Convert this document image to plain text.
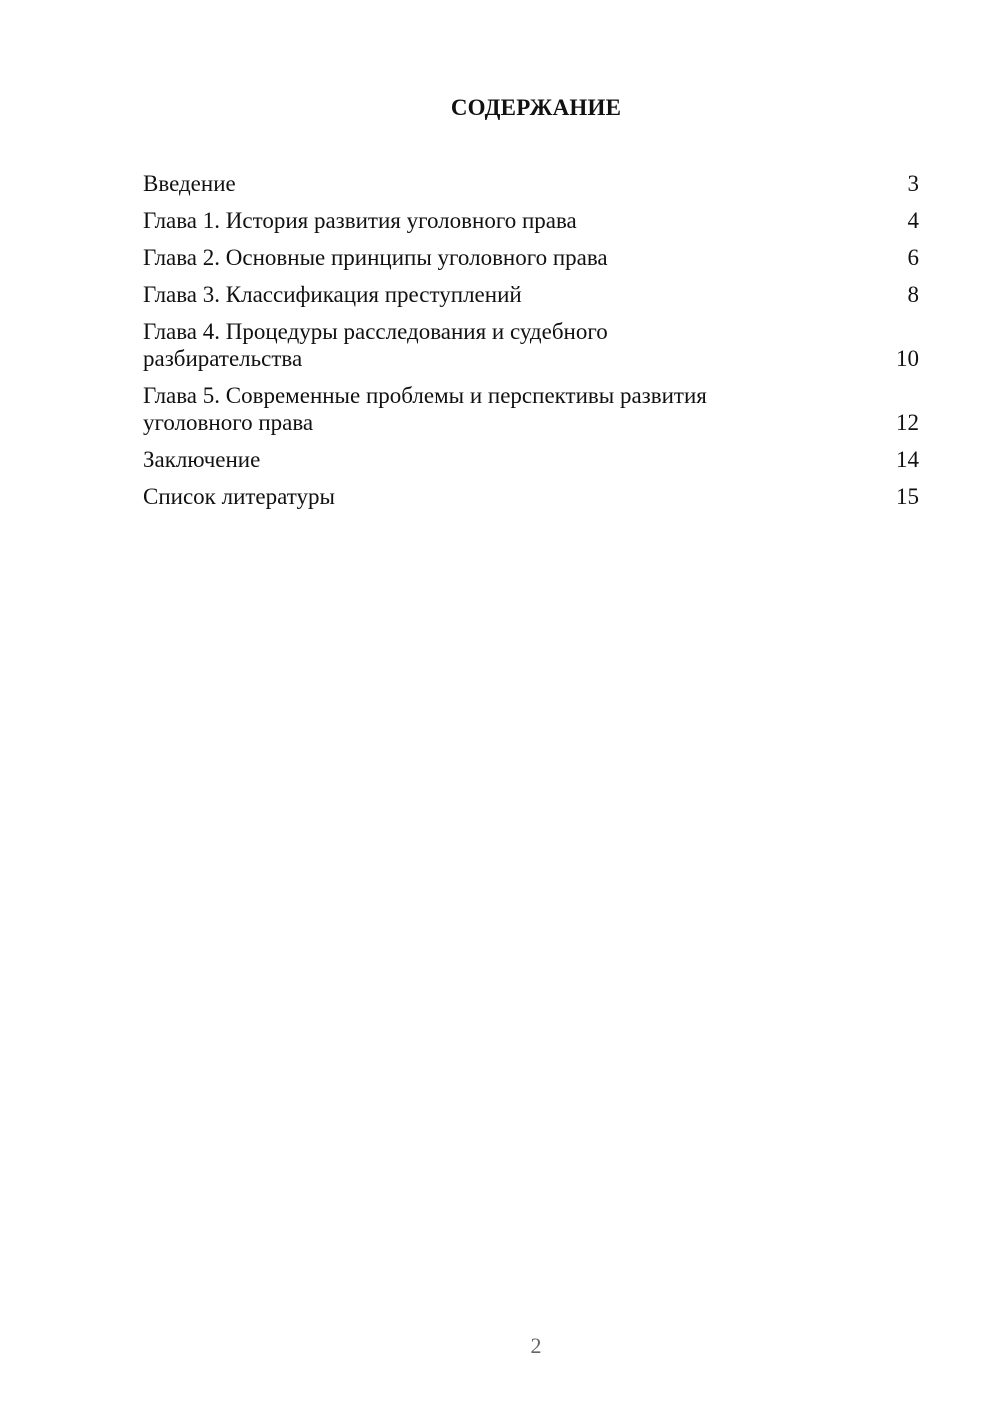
СОДЕРЖАНИЕ
Введение	3
Глава 1. История развития уголовного права	4
Глава 2. Основные принципы уголовного права	6
Глава 3. Классификация преступлений	8
Глава 4. Процедуры расследования и судебного разбирательства	10
Глава 5. Современные проблемы и перспективы развития уголовного права	12
Заключение	14
Список литературы	15
2
